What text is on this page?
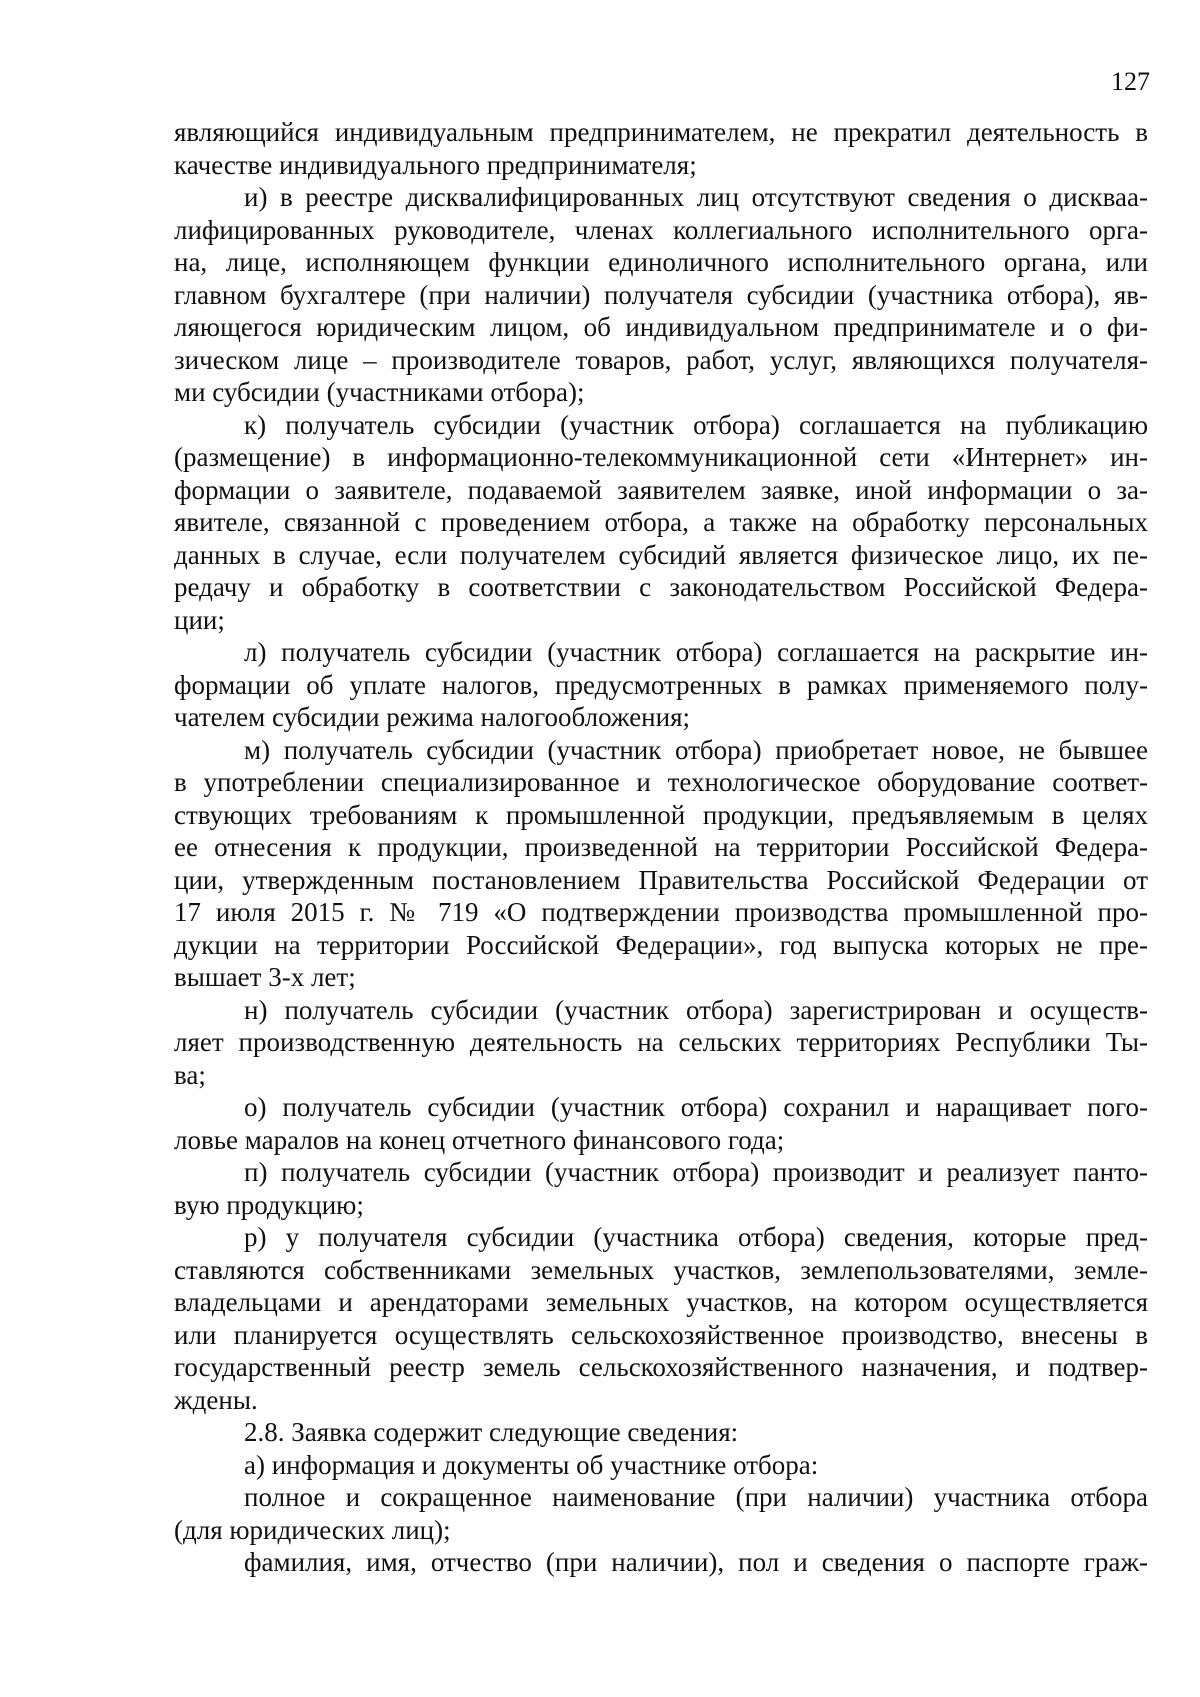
127
являющийся индивидуальным предпринимателем, не прекратил деятельность в
качестве индивидуального предпринимателя;
и) в реестре дисквалифицированных лиц отсутствуют сведения о дискваа-
лифицированных руководителе, членах коллегиального исполнительного орга-
на, лице, исполняющем функции единоличного исполнительного органа, или
главном бухгалтере (при наличии) получателя субсидии (участника отбора), яв-
ляющегося юридическим лицом, об индивидуальном предпринимателе и о фи-
зическом лице – производителе товаров, работ, услуг, являющихся получателя-
ми субсидии (участниками отбора);
к) получатель субсидии (участник отбора) соглашается на публикацию
(размещение) в информационно-телекоммуникационной сети «Интернет» ин-
формации о заявителе, подаваемой заявителем заявке, иной информации о за-
явителе, связанной с проведением отбора, а также на обработку персональных
данных в случае, если получателем субсидий является физическое лицо, их пе-
редачу и обработку в соответствии с законодательством Российской Федера-
ции;
л) получатель субсидии (участник отбора) соглашается на раскрытие ин-
формации об уплате налогов, предусмотренных в рамках применяемого полу-
чателем субсидии режима налогообложения;
м) получатель субсидии (участник отбора) приобретает новое, не бывшее
в употреблении специализированное и технологическое оборудование соответ-
ствующих требованиям к промышленной продукции, предъявляемым в целях
ее отнесения к продукции, произведенной на территории Российской Федера-
ции, утвержденным постановлением Правительства Российской Федерации от
17 июля 2015 г. № 719 «О подтверждении производства промышленной про-
дукции на территории Российской Федерации», год выпуска которых не пре-
вышает 3-х лет;
н) получатель субсидии (участник отбора) зарегистрирован и осуществ-
ляет производственную деятельность на сельских территориях Республики Ты-
ва;
о) получатель субсидии (участник отбора) сохранил и наращивает пого-
ловье маралов на конец отчетного финансового года;
п) получатель субсидии (участник отбора) производит и реализует панто-
вую продукцию;
р) у получателя субсидии (участника отбора) сведения, которые пред-
ставляются собственниками земельных участков, землепользователями, земле-
владельцами и арендаторами земельных участков, на котором осуществляется
или планируется осуществлять сельскохозяйственное производство, внесены в
государственный реестр земель сельскохозяйственного назначения, и подтвер-
ждены.
2.8. Заявка содержит следующие сведения:
а) информация и документы об участнике отбора:
полное и сокращенное наименование (при наличии) участника отбора
(для юридических лиц);
фамилия, имя, отчество (при наличии), пол и сведения о паспорте граж-
